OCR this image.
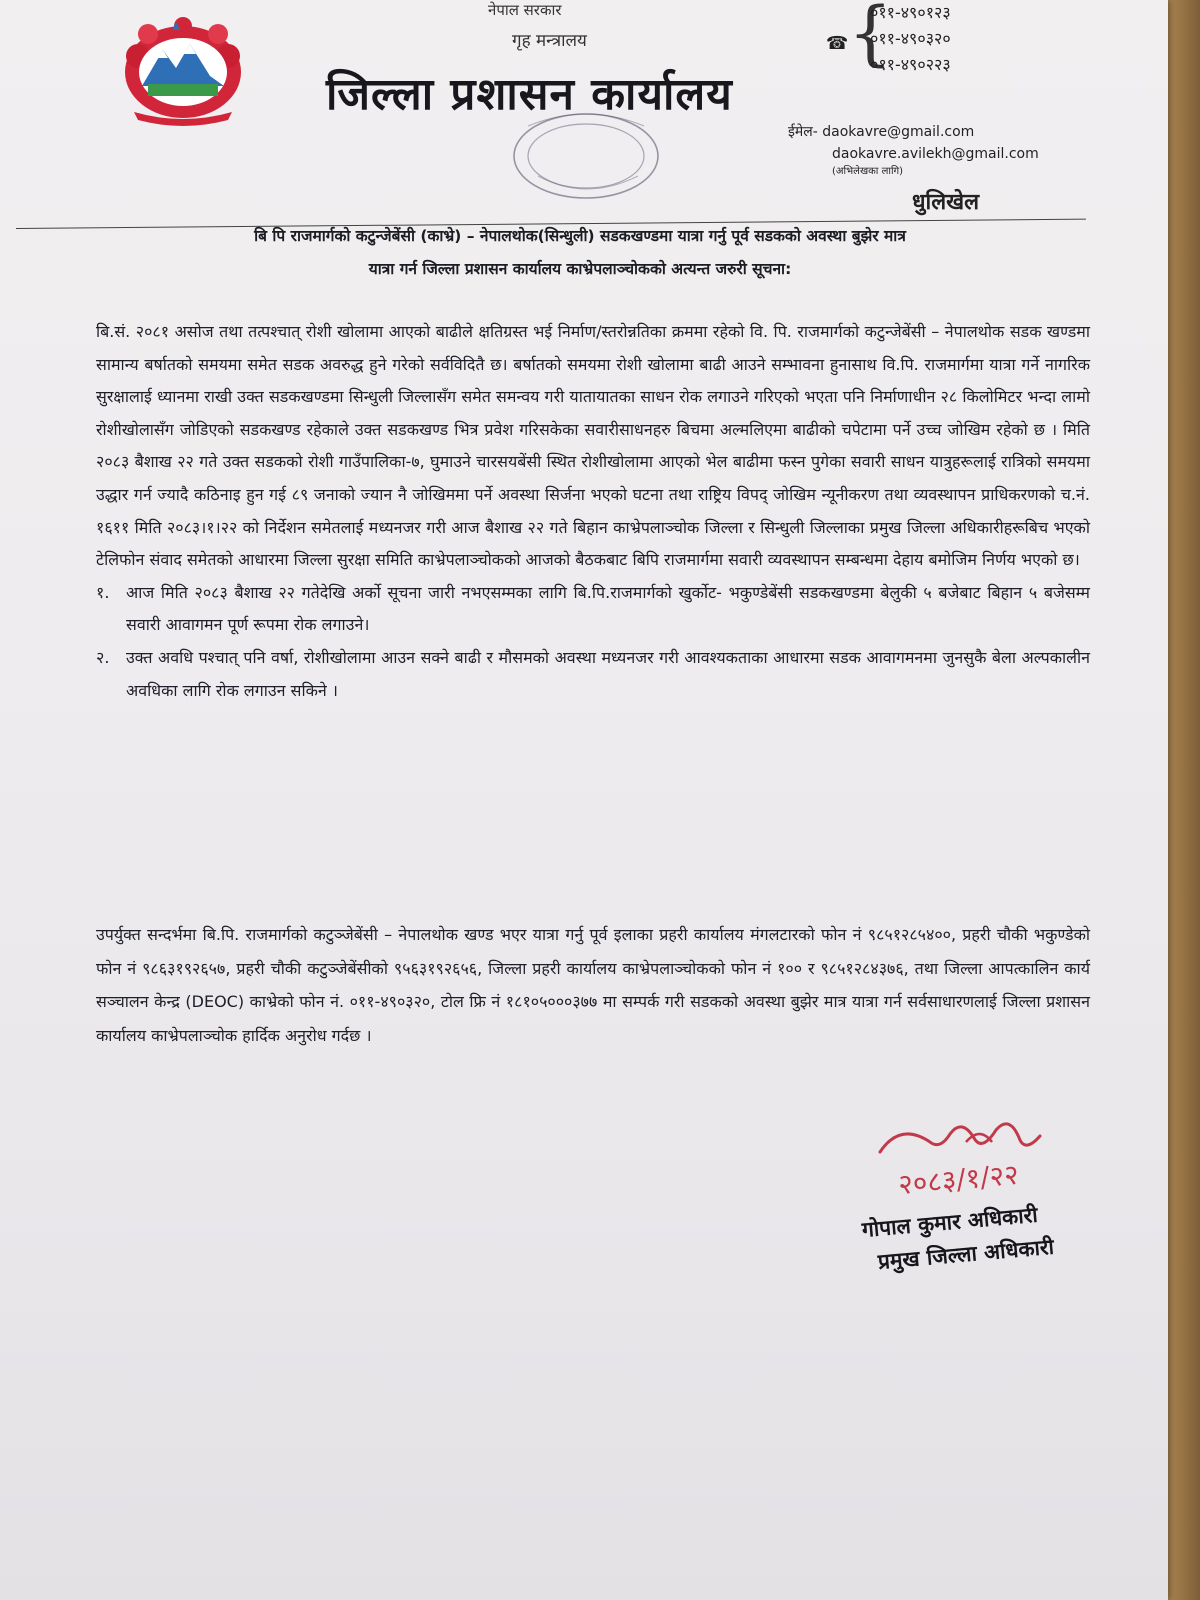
नेपाल सरकार
गृह मन्त्रालय
जिल्ला प्रशासन कार्यालय
☎ {
०११-४९०१२३
०११-४९०३२०
०११-४९०२२३
ईमेल- daokavre@gmail.com
daokavre.avilekh@gmail.com
(अभिलेखका लागि)
धुलिखेल
बि पि राजमार्गको कटुन्जेबेंसी (काभ्रे) – नेपालथोक(सिन्धुली) सडकखण्डमा यात्रा गर्नु पूर्व सडकको अवस्था बुझेर मात्र
यात्रा गर्न जिल्ला प्रशासन कार्यालय काभ्रेपलाञ्चोकको अत्यन्त जरुरी सूचना:

बि.सं. २०८१ असोज तथा तत्पश्चात् रोशी खोलामा आएको बाढीले क्षतिग्रस्त भई निर्माण/स्तरोन्नतिका क्रममा रहेको वि. पि. राजमार्गको कटुन्जेबेंसी – नेपालथोक सडक खण्डमा सामान्य बर्षातको समयमा समेत सडक अवरुद्ध हुने गरेको सर्वविदितै छ। बर्षातको समयमा रोशी खोलामा बाढी आउने सम्भावना हुनासाथ वि.पि. राजमार्गमा यात्रा गर्ने नागरिक सुरक्षालाई ध्यानमा राखी उक्त सडकखण्डमा सिन्धुली जिल्लासँग समेत समन्वय गरी यातायातका साधन रोक लगाउने गरिएको भएता पनि निर्माणाधीन २८ किलोमिटर भन्दा लामो रोशीखोलासँग जोडिएको सडकखण्ड रहेकाले उक्त सडकखण्ड भित्र प्रवेश गरिसकेका सवारीसाधनहरु बिचमा अल्मलिएमा बाढीको चपेटामा पर्ने उच्च जोखिम रहेको छ । मिति २०८३ बैशाख २२ गते उक्त सडकको रोशी गाउँपालिका-७, घुमाउने चारसयबेंसी स्थित रोशीखोलामा आएको भेल बाढीमा फस्न पुगेका सवारी साधन यात्रुहरूलाई रात्रिको समयमा उद्धार गर्न ज्यादै कठिनाइ हुन गई ८९ जनाको ज्यान नै जोखिममा पर्ने अवस्था सिर्जना भएको घटना तथा राष्ट्रिय विपद् जोखिम न्यूनीकरण तथा व्यवस्थापन प्राधिकरणको च.नं. १६११ मिति २०८३।१।२२ को निर्देशन समेतलाई मध्यनजर गरी आज बैशाख २२ गते बिहान काभ्रेपलाञ्चोक जिल्ला र सिन्धुली जिल्लाका प्रमुख जिल्ला अधिकारीहरूबिच भएको टेलिफोन संवाद समेतको आधारमा जिल्ला सुरक्षा समिति काभ्रेपलाञ्चोकको आजको बैठकबाट बिपि राजमार्गमा सवारी व्यवस्थापन सम्बन्धमा देहाय बमोजिम निर्णय भएको छ।

१. आज मिति २०८३ बैशाख २२ गतेदेखि अर्को सूचना जारी नभएसम्मका लागि बि.पि.राजमार्गको खुर्कोट- भकुण्डेबेंसी सडकखण्डमा बेलुकी ५ बजेबाट बिहान ५ बजेसम्म सवारी आवागमन पूर्ण रूपमा रोक लगाउने।
२. उक्त अवधि पश्चात् पनि वर्षा, रोशीखोलामा आउन सक्ने बाढी र मौसमको अवस्था मध्यनजर गरी आवश्यकताका आधारमा सडक आवागमनमा जुनसुकै बेला अल्पकालीन अवधिका लागि रोक लगाउन सकिने ।

उपर्युक्त सन्दर्भमा बि.पि. राजमार्गको कटुञ्जेबेंसी – नेपालथोक खण्ड भएर यात्रा गर्नु पूर्व इलाका प्रहरी कार्यालय मंगलटारको फोन नं ९८५१२८५४००, प्रहरी चौकी भकुण्डेको फोन नं ९८६३१९२६५७, प्रहरी चौकी कटुञ्जेबेंसीको ९५६३१९२६५६, जिल्ला प्रहरी कार्यालय काभ्रेपलाञ्चोकको फोन नं १०० र ९८५१२८४३७६, तथा जिल्ला आपत्कालिन कार्य सञ्चालन केन्द्र (DEOC) काभ्रेको फोन नं. ०११-४९०३२०, टोल फ्रि नं १८१०५०००३७७ मा सम्पर्क गरी सडकको अवस्था बुझेर मात्र यात्रा गर्न सर्वसाधारणलाई जिल्ला प्रशासन कार्यालय काभ्रेपलाञ्चोक हार्दिक अनुरोध गर्दछ ।

२०८३/१/२२
गोपाल कुमार अधिकारी
प्रमुख जिल्ला अधिकारी
